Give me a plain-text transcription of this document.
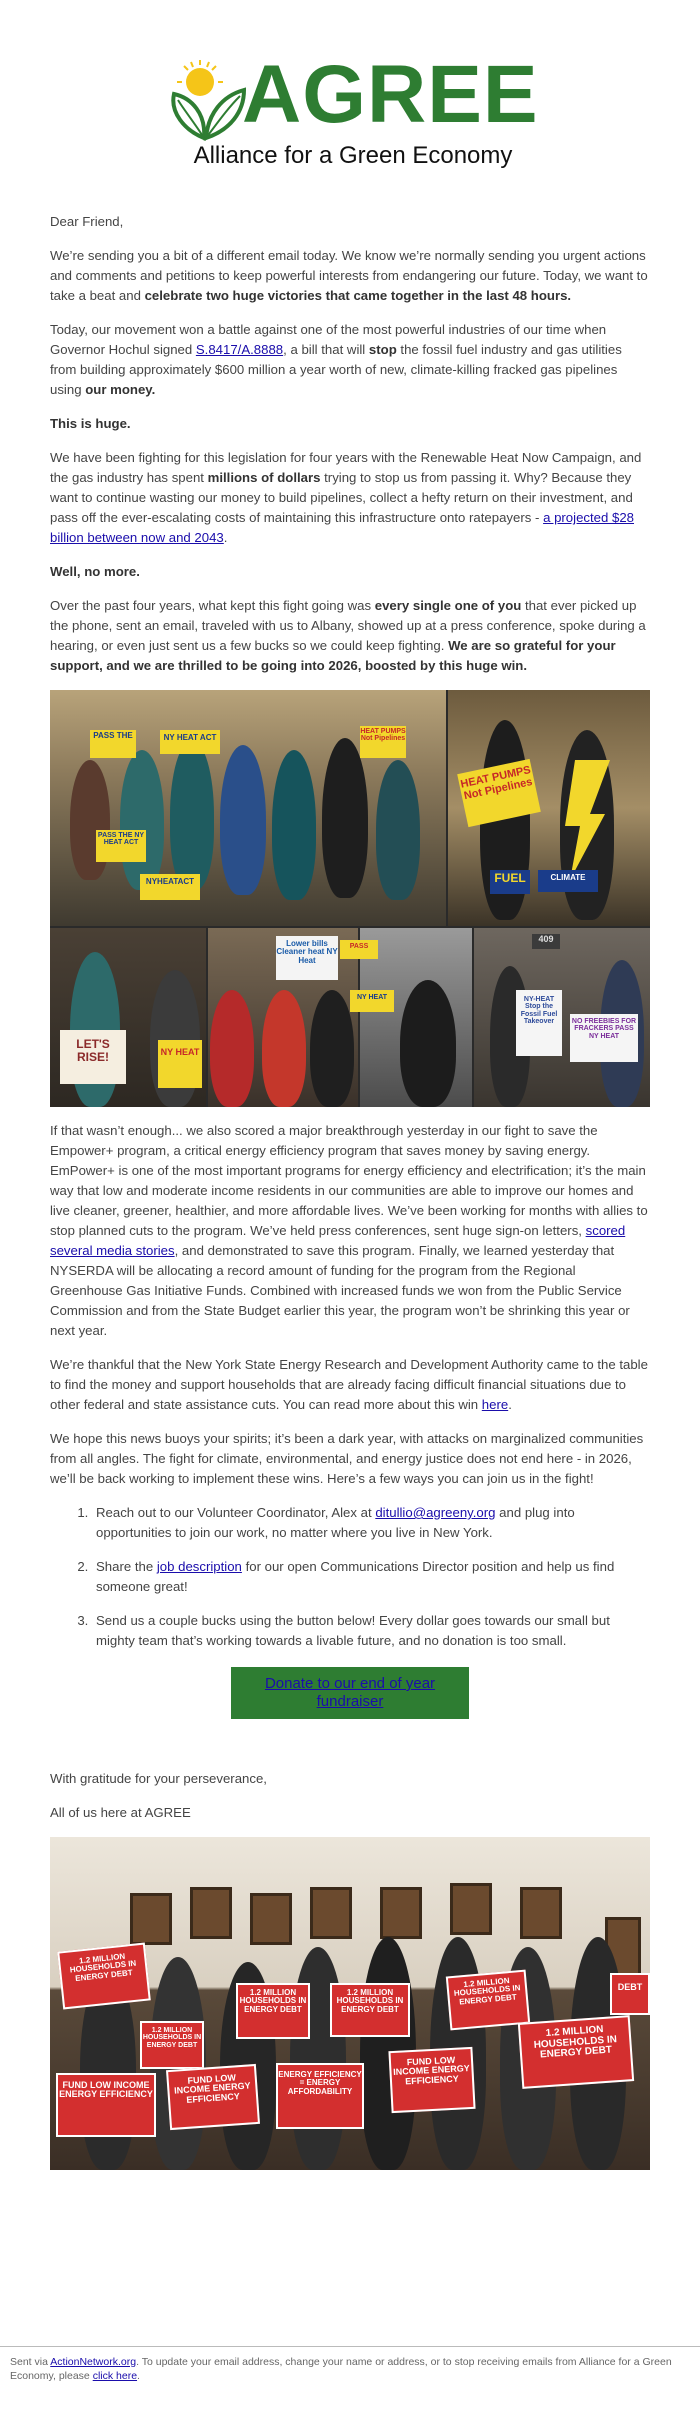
AGREE
Alliance for a Green Economy

Dear Friend,

We’re sending you a bit of a different email today. We know we’re normally sending you urgent actions and comments and petitions to keep powerful interests from endangering our future. Today, we want to take a beat and celebrate two huge victories that came together in the last 48 hours.

Today, our movement won a battle against one of the most powerful industries of our time when Governor Hochul signed S.8417/A.8888, a bill that will stop the fossil fuel industry and gas utilities from building approximately $600 million a year worth of new, climate-killing fracked gas pipelines using our money.

This is huge.

We have been fighting for this legislation for four years with the Renewable Heat Now Campaign, and the gas industry has spent millions of dollars trying to stop us from passing it. Why? Because they want to continue wasting our money to build pipelines, collect a hefty return on their investment, and pass off the ever-escalating costs of maintaining this infrastructure onto ratepayers - a projected $28 billion between now and 2043.

Well, no more.

Over the past four years, what kept this fight going was every single one of you that ever picked up the phone, sent an email, traveled with us to Albany, showed up at a press conference, spoke during a hearing, or even just sent us a few bucks so we could keep fighting. We are so grateful for your support, and we are thrilled to be going into 2026, boosted by this huge win.

PASS THE	NY HEAT ACT
HEAT PUMPS Not Pipelines
PASS THE NY HEAT ACT
NYHEATACT
HEAT PUMPS Not Pipelines
LET'S RISE!	NY HEAT
Lower bills Cleaner heat NY Heat
FUEL	CLIMATE
PASS
NY HEAT
409
NY-HEAT Stop the Fossil Fuel Takeover	NO FREEBIES FOR FRACKERS PASS NY HEAT

If that wasn’t enough... we also scored a major breakthrough yesterday in our fight to save the Empower+ program, a critical energy efficiency program that saves money by saving energy. EmPower+ is one of the most important programs for energy efficiency and electrification; it’s the main way that low and moderate income residents in our communities are able to improve our homes and live cleaner, greener, healthier, and more affordable lives. We’ve been working for months with allies to stop planned cuts to the program. We’ve held press conferences, sent huge sign-on letters, scored several media stories, and demonstrated to save this program. Finally, we learned yesterday that NYSERDA will be allocating a record amount of funding for the program from the Regional Greenhouse Gas Initiative Funds. Combined with increased funds we won from the Public Service Commission and from the State Budget earlier this year, the program won’t be shrinking this year or next year.

We’re thankful that the New York State Energy Research and Development Authority came to the table to find the money and support households that are already facing difficult financial situations due to other federal and state assistance cuts. You can read more about this win here.

We hope this news buoys your spirits; it’s been a dark year, with attacks on marginalized communities from all angles. The fight for climate, environmental, and energy justice does not end here - in 2026, we’ll be back working to implement these wins. Here’s a few ways you can join us in the fight!

1. Reach out to our Volunteer Coordinator, Alex at ditullio@agreeny.org and plug into opportunities to join our work, no matter where you live in New York.
2. Share the job description for our open Communications Director position and help us find someone great!
3. Send us a couple bucks using the button below! Every dollar goes towards our small but mighty team that’s working towards a livable future, and no donation is too small.
Donate to our end of year fundraiser

With gratitude for your perseverance,

All of us here at AGREE

1.2 MILLION HOUSEHOLDS IN ENERGY DEBT
1.2 MILLION HOUSEHOLDS IN ENERGY DEBT
1.2 MILLION HOUSEHOLDS IN ENERGY DEBT
1.2 MILLION HOUSEHOLDS IN ENERGY DEBT
1.2 MILLION HOUSEHOLDS IN ENERGY DEBT
1.2 MILLION HOUSEHOLDS IN ENERGY DEBT
FUND LOW INCOME ENERGY EFFICIENCY
FUND LOW INCOME ENERGY EFFICIENCY
ENERGY EFFICIENCY = ENERGY AFFORDABILITY
FUND LOW INCOME ENERGY EFFICIENCY
DEBT
Sent via ActionNetwork.org. To update your email address, change your name or address, or to stop receiving emails from Alliance for a Green Economy, please click here.
